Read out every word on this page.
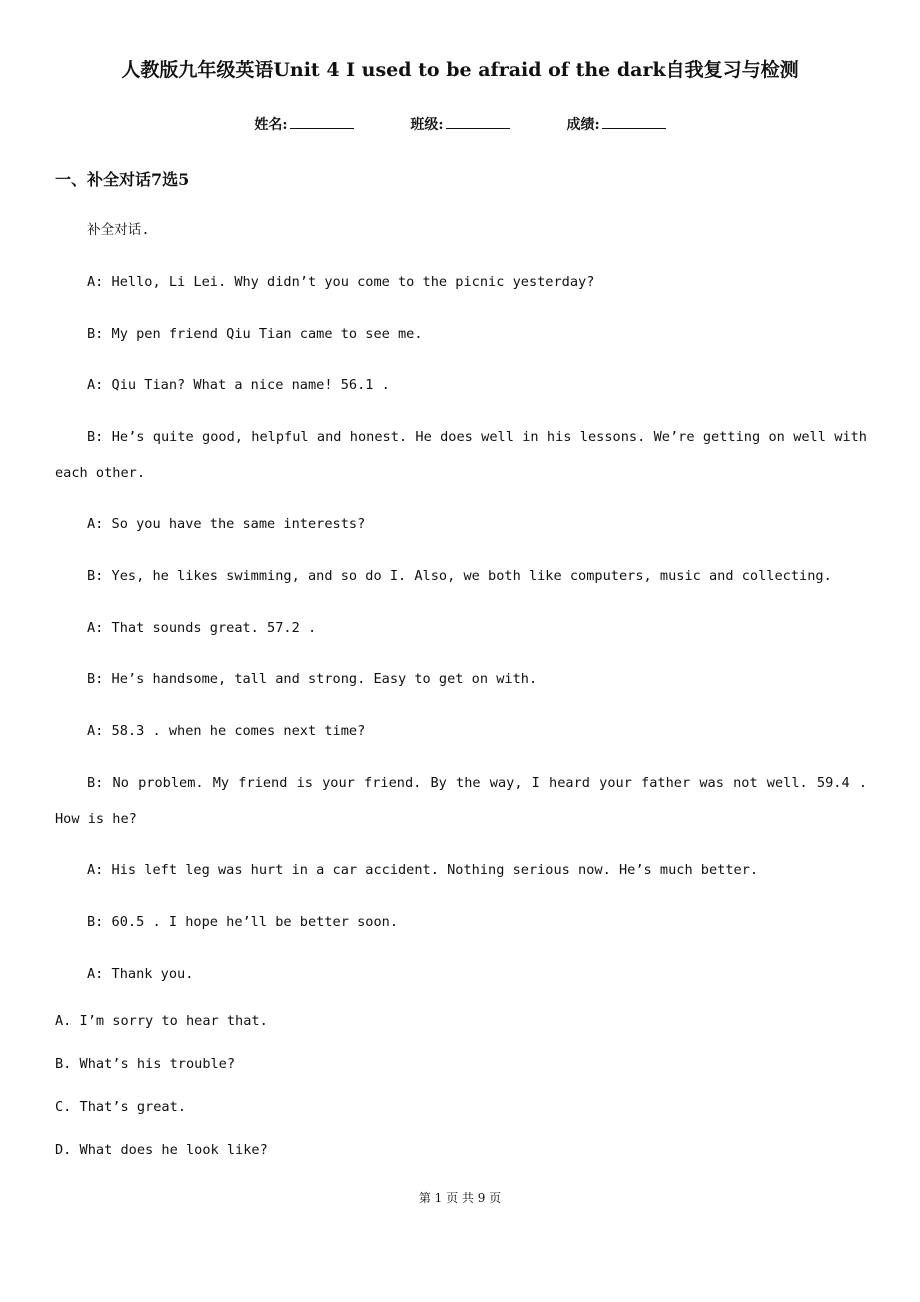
人教版九年级英语Unit 4 I used to be afraid of the dark自我复习与检测
姓名:	班级:	成绩:
一、补全对话7选5
补全对话.
A: Hello, Li Lei. Why didn’t you come to the picnic yesterday?
B: My pen friend Qiu Tian came to see me.
A: Qiu Tian? What a nice name! 56.1 .
B: He’s quite good, helpful and honest. He does well in his lessons. We’re getting on well with each other.
A: So you have the same interests?
B: Yes, he likes swimming, and so do I. Also, we both like computers, music and collecting.
A: That sounds great. 57.2 .
B: He’s handsome, tall and strong. Easy to get on with.
A: 58.3 . when he comes next time?
B: No problem. My friend is your friend. By the way, I heard your father was not well. 59.4 . How is he?
A: His left leg was hurt in a car accident. Nothing serious now. He’s much better.
B: 60.5 . I hope he’ll be better soon.
A: Thank you.
A. I’m sorry to hear that.
B. What’s his trouble?
C. That’s great.
D. What does he look like?
第 1 页 共 9 页
